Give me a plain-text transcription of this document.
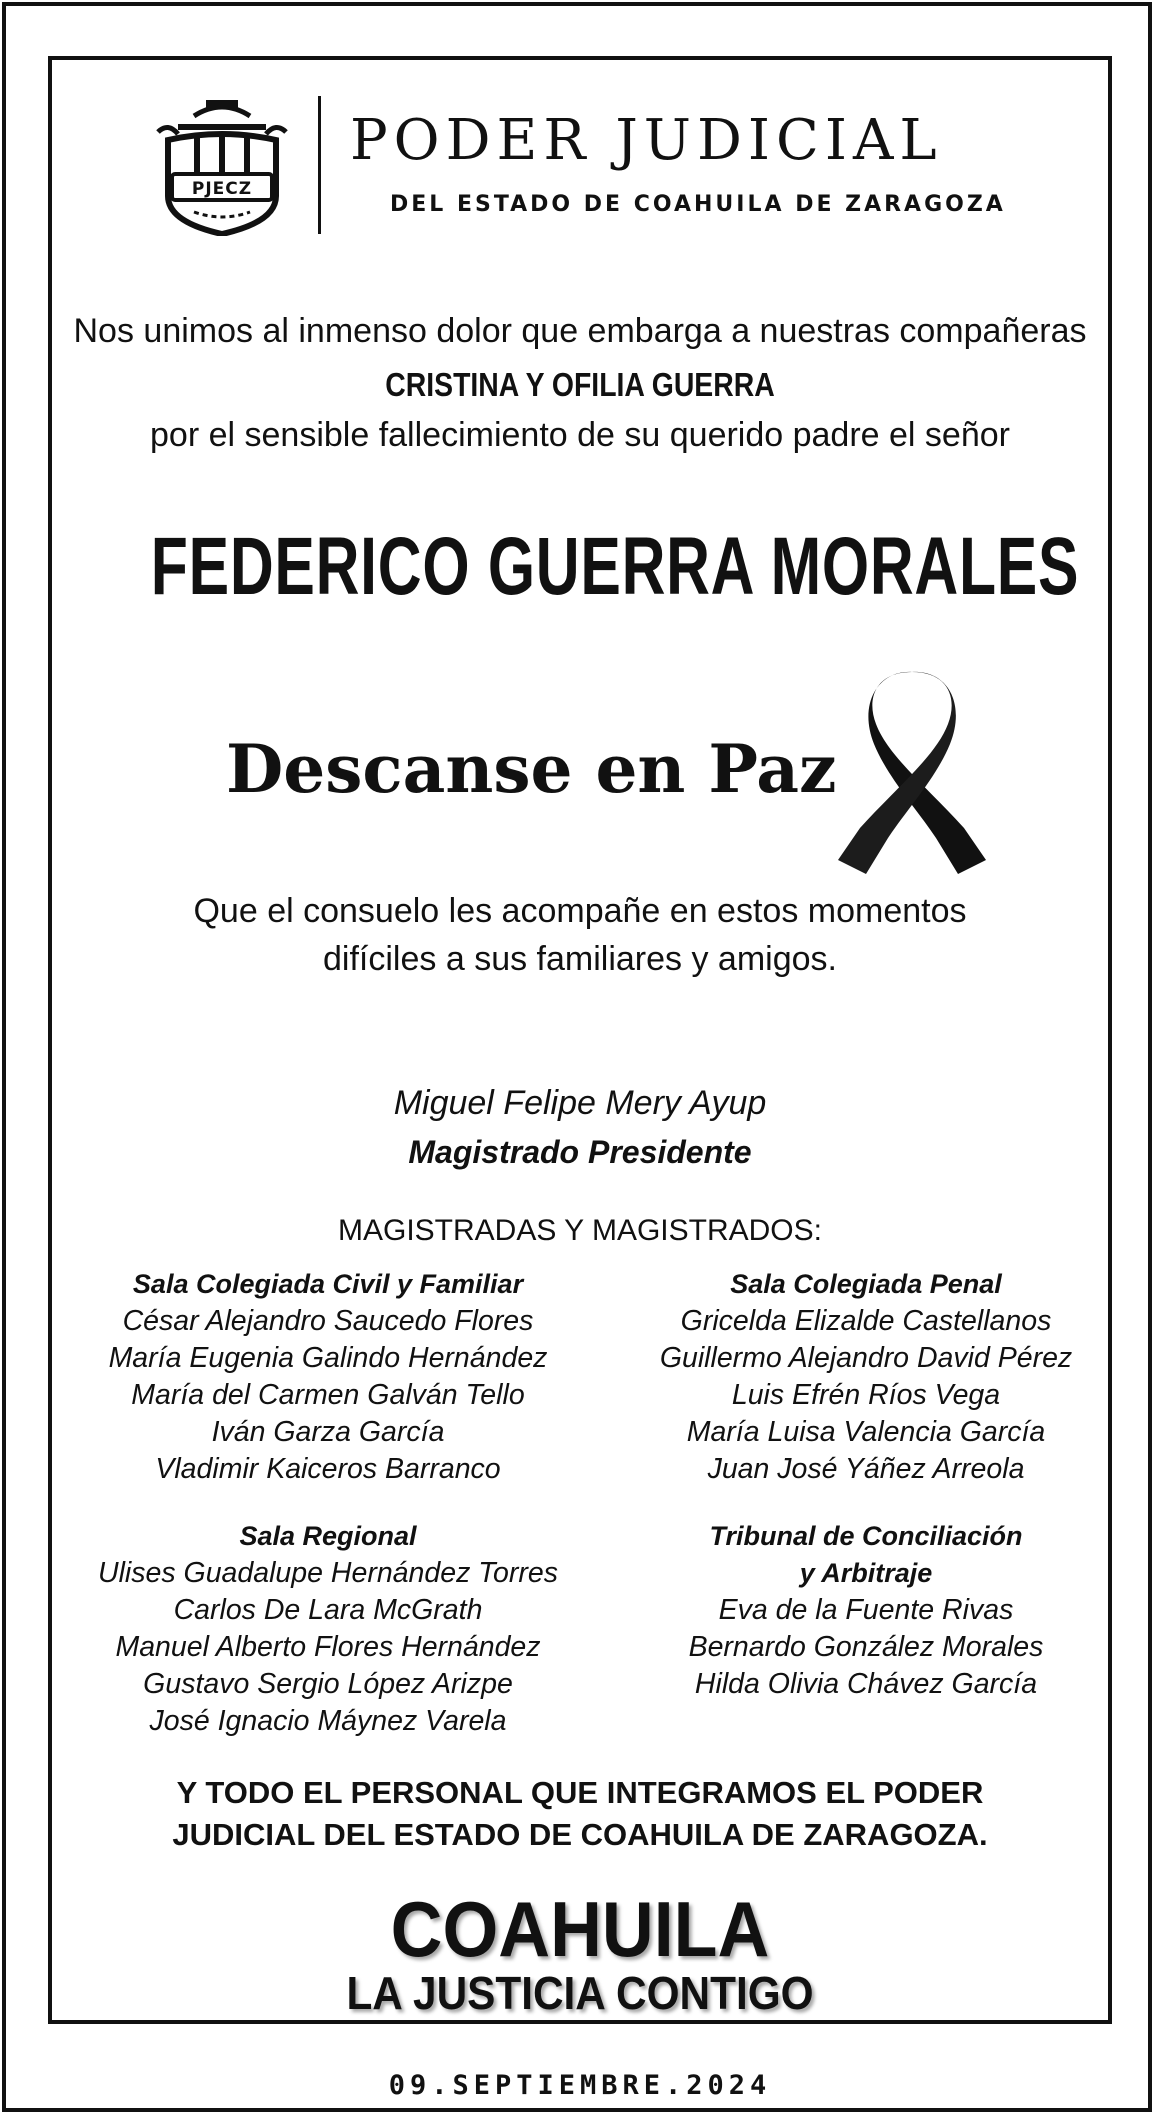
PJECZ
PODER JUDICIAL
DEL ESTADO DE COAHUILA DE ZARAGOZA
Nos unimos al inmenso dolor que embarga a nuestras compañeras
CRISTINA Y OFILIA GUERRA
por el sensible fallecimiento de su querido padre el señor
FEDERICO GUERRA MORALES
Descanse en Paz
Que el consuelo les acompañe en estos momentos
difíciles a sus familiares y amigos.
Miguel Felipe Mery Ayup
Magistrado Presidente
MAGISTRADAS Y MAGISTRADOS:
Sala Colegiada Civil y Familiar
César Alejandro Saucedo Flores
María Eugenia Galindo Hernández
María del Carmen Galván Tello
Iván Garza García
Vladimir Kaiceros Barranco
Sala Colegiada Penal
Gricelda Elizalde Castellanos
Guillermo Alejandro David Pérez
Luis Efrén Ríos Vega
María Luisa Valencia García
Juan José Yáñez Arreola
Sala Regional
Ulises Guadalupe Hernández Torres
Carlos De Lara McGrath
Manuel Alberto Flores Hernández
Gustavo Sergio López Arizpe
José Ignacio Máynez Varela
Tribunal de Conciliación
y Arbitraje
Eva de la Fuente Rivas
Bernardo González Morales
Hilda Olivia Chávez García
Y TODO EL PERSONAL QUE INTEGRAMOS EL PODER
JUDICIAL DEL ESTADO DE COAHUILA DE ZARAGOZA.
COAHUILA
LA JUSTICIA CONTIGO
09.SEPTIEMBRE.2024
